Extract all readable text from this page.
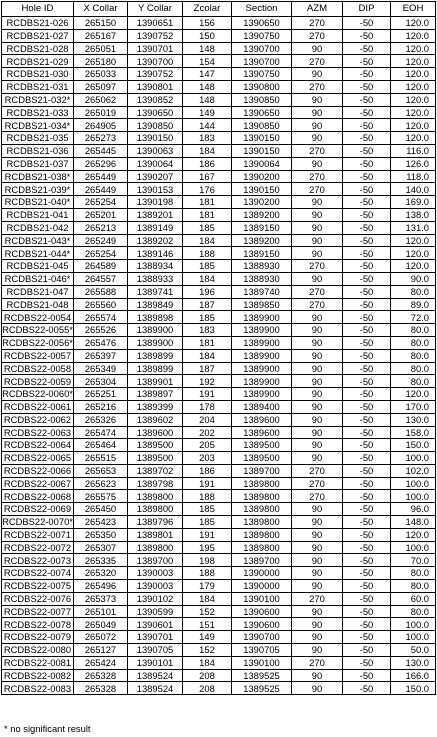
Hole ID	X Collar	Y Collar	Zcolar	Section	AZM	DIP	EOH
RCDBS21-026	265150	1390651	156	1390650	270	-50	120.0
RCDBS21-027	265167	1390752	150	1390750	270	-50	120.0
RCDBS21-028	265051	1390701	148	1390700	90	-50	120.0
RCDBS21-029	265180	1390700	154	1390700	270	-50	120.0
RCDBS21-030	265033	1390752	147	1390750	90	-50	120.0
RCDBS21-031	265097	1390801	148	1390800	270	-50	120.0
RCDBS21-032*	265062	1390852	148	1390850	90	-50	120.0
RCDBS21-033	265019	1390650	149	1390650	90	-50	120.0
RCDBS21-034*	264905	1390850	144	1390850	90	-50	120.0
RCDBS21-035	265273	1390150	183	1390150	90	-50	120.0
RCDBS21-036	265445	1390063	184	1390150	270	-50	116.0
RCDBS21-037	265296	1390064	186	1390064	90	-50	126.0
RCDBS21-038*	265449	1390207	167	1390200	270	-50	118.0
RCDBS21-039*	265449	1390153	176	1390150	270	-50	140.0
RCDBS21-040*	265254	1390198	181	1390200	90	-50	169.0
RCDBS21-041	265201	1389201	181	1389200	90	-50	138.0
RCDBS21-042	265213	1389149	185	1389150	90	-50	131.0
RCDBS21-043*	265249	1389202	184	1389200	90	-50	120.0
RCDBS21-044*	265254	1389146	188	1389150	90	-50	120.0
RCDBS21-045	264589	1388934	185	1388930	270	-50	120.0
RCDBS21-046*	264557	1388933	184	1388930	90	-50	90.0
RCDBS21-047	265588	1389741	196	1389740	270	-50	80.0
RCDBS21-048	265560	1389849	187	1389850	270	-50	89.0
RCDBS22-0054	265574	1389898	185	1389900	90	-50	72.0
RCDBS22-0055*	265526	1389900	183	1389900	90	-50	80.0
RCDBS22-0056*	265476	1389900	181	1389900	90	-50	80.0
RCDBS22-0057	265397	1389899	184	1389900	90	-50	80.0
RCDBS22-0058	265349	1389899	187	1389900	90	-50	80.0
RCDBS22-0059	265304	1389901	192	1389900	90	-50	80.0
RCDBS22-0060*	265251	1389897	191	1389900	90	-50	120.0
RCDBS22-0061	265216	1389399	178	1389400	90	-50	170.0
RCDBS22-0062	265326	1389602	204	1389600	90	-50	130.0
RCDBS22-0063	265474	1389600	202	1389600	90	-50	158.0
RCDBS22-0064	265464	1389500	205	1389500	90	-50	150.0
RCDBS22-0065	265515	1389500	203	1389500	90	-50	100.0
RCDBS22-0066	265653	1389702	186	1389700	270	-50	102.0
RCDBS22-0067	265623	1389798	191	1389800	270	-50	100.0
RCDBS22-0068	265575	1389800	188	1389800	270	-50	100.0
RCDBS22-0069	265450	1389800	185	1389800	90	-50	96.0
RCDBS22-0070*	265423	1389796	185	1389800	90	-50	148.0
RCDBS22-0071	265350	1389801	191	1389800	90	-50	120.0
RCDBS22-0072	265307	1389800	195	1389800	90	-50	100.0
RCDBS22-0073	265335	1389700	198	1389700	90	-50	70.0
RCDBS22-0074	265320	1390003	188	1390000	90	-50	80.0
RCDBS22-0075	265496	1390003	179	1390000	90	-50	80.0
RCDBS22-0076	265373	1390102	184	1390100	270	-50	60.0
RCDBS22-0077	265101	1390599	152	1390600	90	-50	80.0
RCDBS22-0078	265049	1390601	151	1390600	90	-50	100.0
RCDBS22-0079	265072	1390701	149	1390700	90	-50	100.0
RCDBS22-0080	265127	1390705	152	1390705	90	-50	50.0
RCDBS22-0081	265424	1390101	184	1390100	270	-50	130.0
RCDBS22-0082	265328	1389524	208	1389525	90	-50	166.0
RCDBS22-0083	265328	1389524	208	1389525	90	-50	150.0
* no significant result
